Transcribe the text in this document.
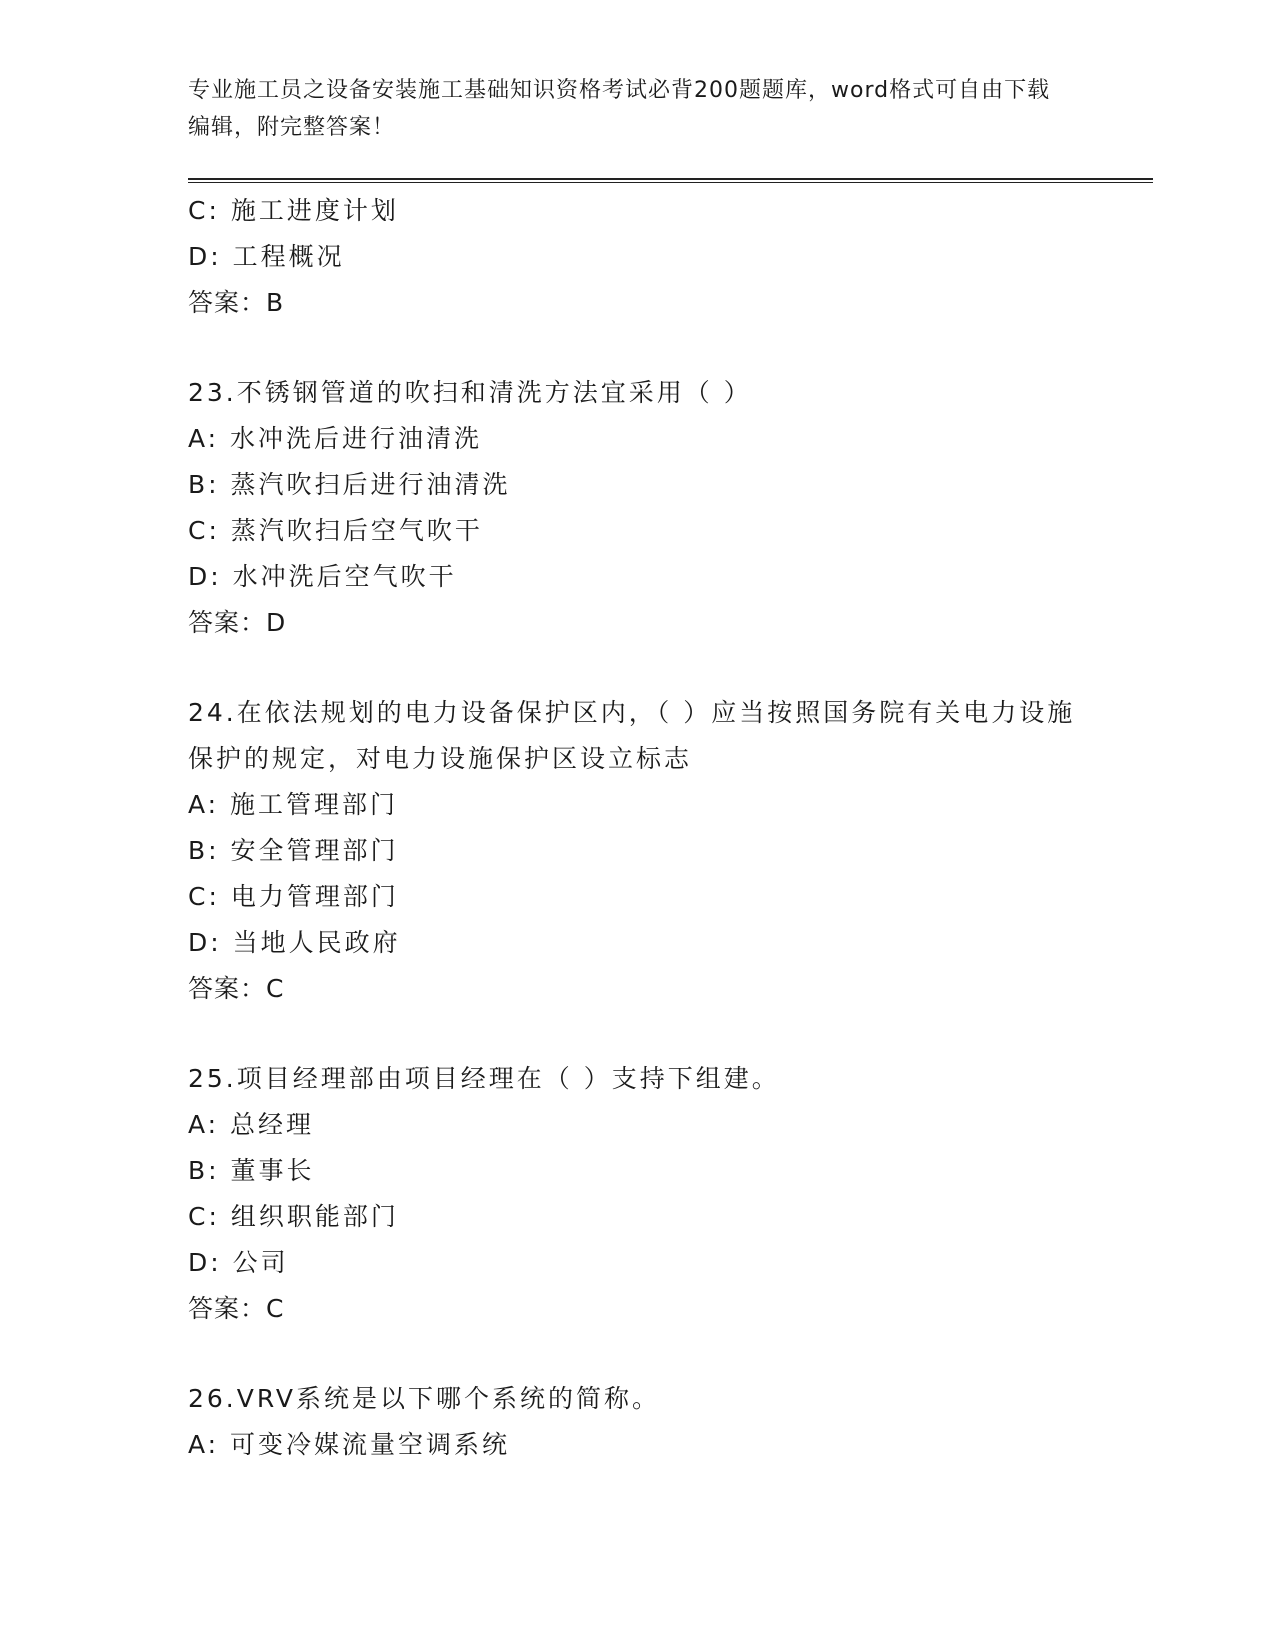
专业施工员之设备安装施工基础知识资格考试必背200题题库，word格式可自由下载编辑，附完整答案！
C: 施工进度计划
D: 工程概况
答案：B
23.不锈钢管道的吹扫和清洗方法宜采用（ ）
A: 水冲洗后进行油清洗
B: 蒸汽吹扫后进行油清洗
C: 蒸汽吹扫后空气吹干
D: 水冲洗后空气吹干
答案：D
24.在依法规划的电力设备保护区内，（ ）应当按照国务院有关电力设施保护的规定，对电力设施保护区设立标志
A: 施工管理部门
B: 安全管理部门
C: 电力管理部门
D: 当地人民政府
答案：C
25.项目经理部由项目经理在（ ）支持下组建。
A: 总经理
B: 董事长
C: 组织职能部门
D: 公司
答案：C
26.VRV系统是以下哪个系统的简称。
A: 可变冷媒流量空调系统
